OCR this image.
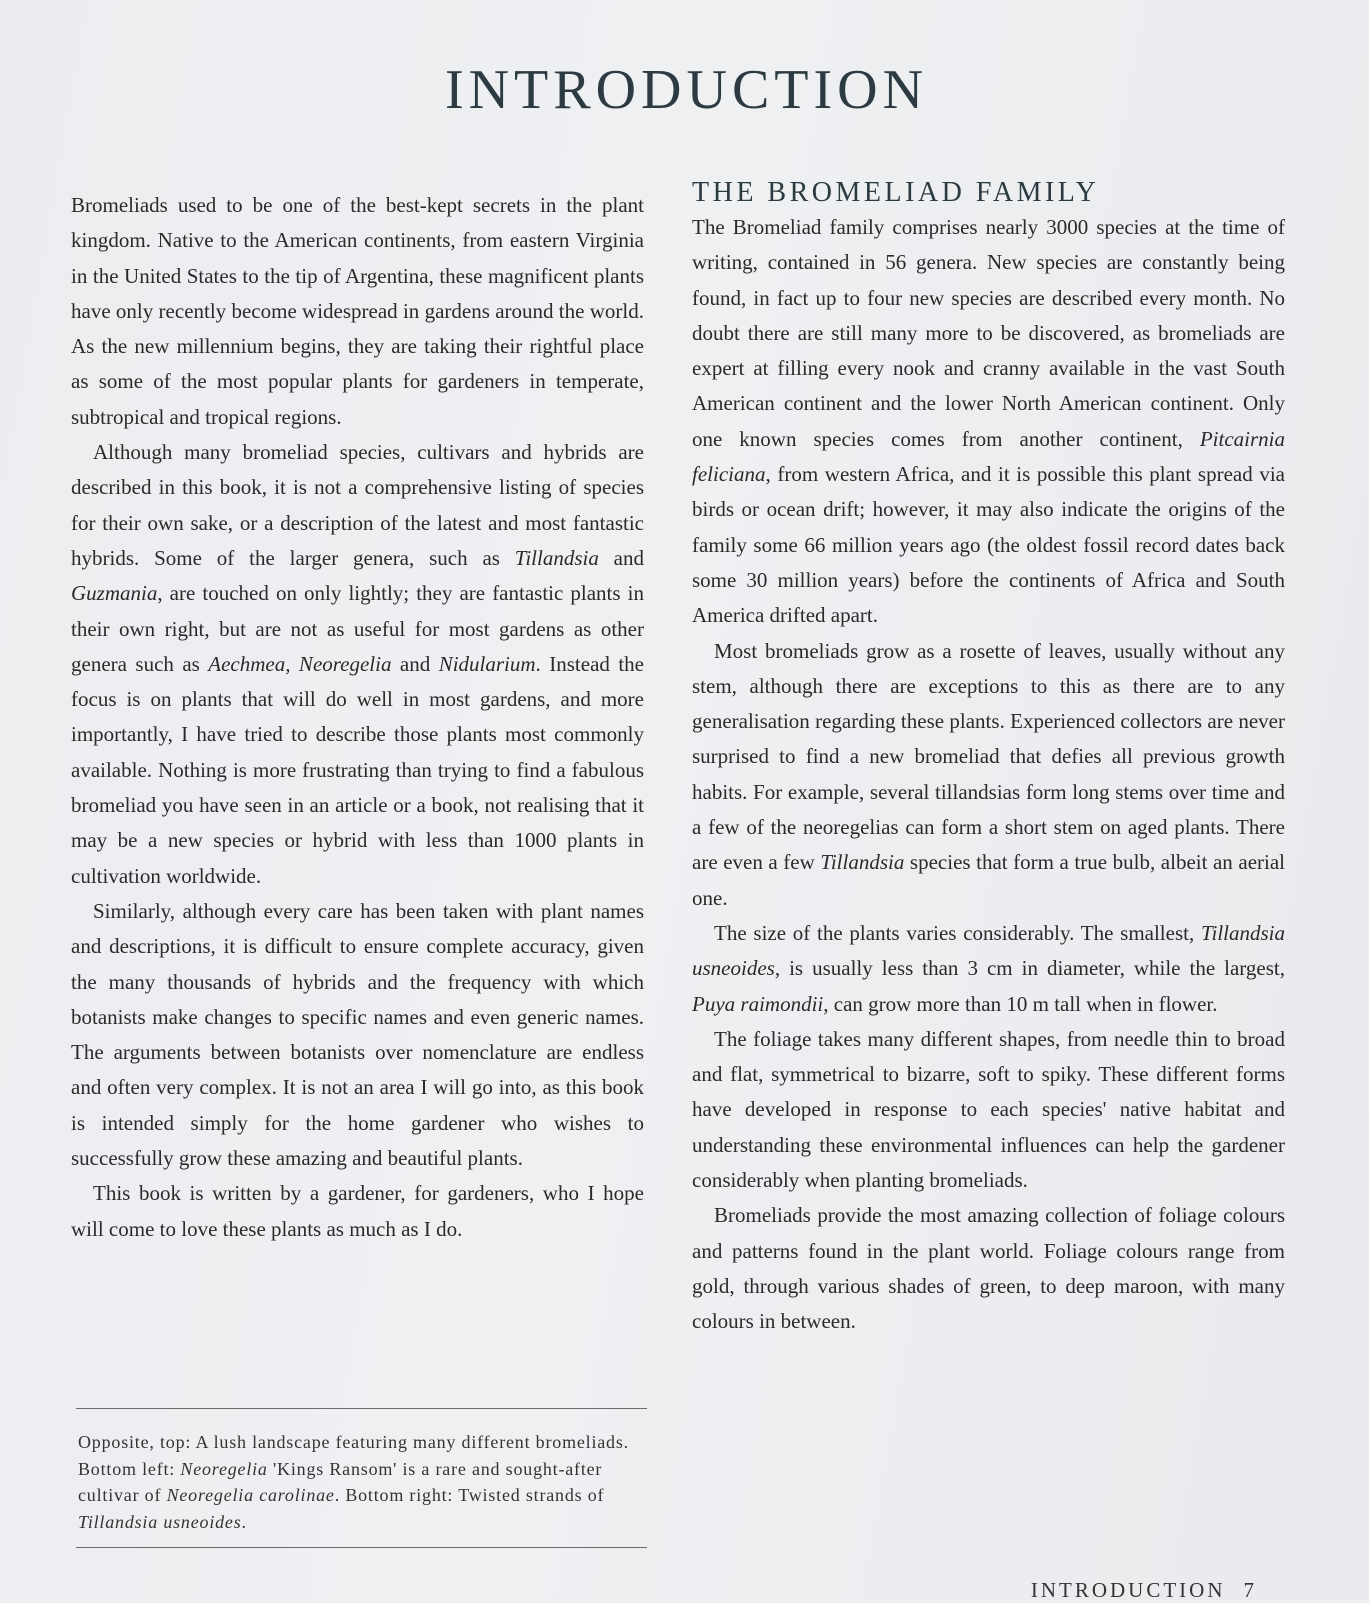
INTRODUCTION

Bromeliads used to be one of the best-kept secrets in the plant kingdom. Native to the American continents, from eastern Virginia in the United States to the tip of Argentina, these magnificent plants have only recently become widespread in gardens around the world. As the new millennium begins, they are taking their rightful place as some of the most popular plants for gardeners in temperate, subtropical and tropical regions.

Although many bromeliad species, cultivars and hybrids are described in this book, it is not a comprehensive listing of species for their own sake, or a description of the latest and most fantastic hybrids. Some of the larger genera, such as Tillandsia and Guzmania, are touched on only lightly; they are fantastic plants in their own right, but are not as useful for most gardens as other genera such as Aechmea, Neoregelia and Nidularium. Instead the focus is on plants that will do well in most gardens, and more importantly, I have tried to describe those plants most commonly available. Nothing is more frustrating than trying to find a fabulous bromeliad you have seen in an article or a book, not realising that it may be a new species or hybrid with less than 1000 plants in cultivation worldwide.

Similarly, although every care has been taken with plant names and descriptions, it is difficult to ensure complete accuracy, given the many thousands of hybrids and the frequency with which botanists make changes to specific names and even generic names. The arguments between botanists over nomenclature are endless and often very complex. It is not an area I will go into, as this book is intended simply for the home gardener who wishes to successfully grow these amazing and beautiful plants.

This book is written by a gardener, for gardeners, who I hope will come to love these plants as much as I do.

Opposite, top: A lush landscape featuring many different bromeliads. Bottom left: Neoregelia 'Kings Ransom' is a rare and sought-after cultivar of Neoregelia carolinae. Bottom right: Twisted strands of Tillandsia usneoides.

THE BROMELIAD FAMILY

The Bromeliad family comprises nearly 3000 species at the time of writing, contained in 56 genera. New species are constantly being found, in fact up to four new species are described every month. No doubt there are still many more to be discovered, as bromeliads are expert at filling every nook and cranny available in the vast South American continent and the lower North American continent. Only one known species comes from another continent, Pitcairnia feliciana, from western Africa, and it is possible this plant spread via birds or ocean drift; however, it may also indicate the origins of the family some 66 million years ago (the oldest fossil record dates back some 30 million years) before the continents of Africa and South America drifted apart.

Most bromeliads grow as a rosette of leaves, usually without any stem, although there are exceptions to this as there are to any generalisation regarding these plants. Experienced collectors are never surprised to find a new bromeliad that defies all previous growth habits. For example, several tillandsias form long stems over time and a few of the neoregelias can form a short stem on aged plants. There are even a few Tillandsia species that form a true bulb, albeit an aerial one.

The size of the plants varies considerably. The smallest, Tillandsia usneoides, is usually less than 3 cm in diameter, while the largest, Puya raimondii, can grow more than 10 m tall when in flower.

The foliage takes many different shapes, from needle thin to broad and flat, symmetrical to bizarre, soft to spiky. These different forms have developed in response to each species' native habitat and understanding these environmental influences can help the gardener considerably when planting bromeliads.

Bromeliads provide the most amazing collection of foliage colours and patterns found in the plant world. Foliage colours range from gold, through various shades of green, to deep maroon, with many colours in between.

INTRODUCTION 7
